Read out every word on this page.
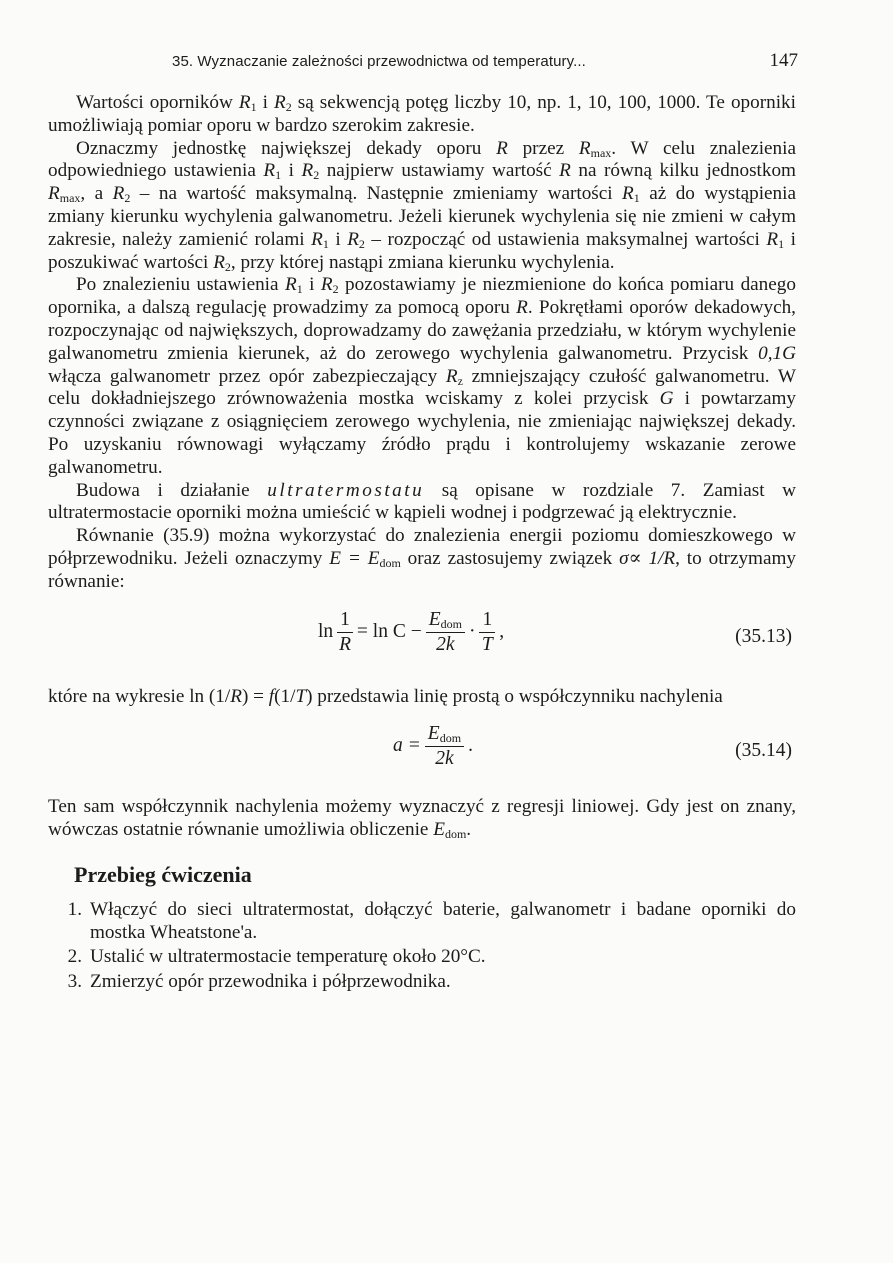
35. Wyznaczanie zależności przewodnictwa od temperatury...	147

Wartości oporników $R_1$ i $R_2$ są sekwencją potęg liczby 10, np. 1, 10, 100, 1000. Te oporniki umożliwiają pomiar oporu w bardzo szerokim zakresie.

Oznaczmy jednostkę największej dekady oporu R przez $R_{max}$. W celu znalezienia odpowiedniego ustawienia $R_1$ i $R_2$ najpierw ustawiamy wartość R na równą kilku jednostkom $R_{max}$, a $R_2$ – na wartość maksymalną. Następnie zmieniamy wartości $R_1$ aż do wystąpienia zmiany kierunku wychylenia galwanometru. Jeżeli kierunek wychylenia się nie zmieni w całym zakresie, należy zamienić rolami $R_1$ i $R_2$ – rozpocząć od ustawienia maksymalnej wartości $R_1$ i poszukiwać wartości $R_2$, przy której nastąpi zmiana kierunku wychylenia.

Po znalezieniu ustawienia $R_1$ i $R_2$ pozostawiamy je niezmienione do końca pomiaru danego opornika, a dalszą regulację prowadzimy za pomocą oporu R. Pokrętłami oporów dekadowych, rozpoczynając od największych, doprowadzamy do zawężania przedziału, w którym wychylenie galwanometru zmienia kierunek, aż do zerowego wychylenia galwanometru. Przycisk 0,1G włącza galwanometr przez opór zabezpieczający $R_z$ zmniejszający czułość galwanometru. W celu dokładniejszego zrównoważenia mostka wciskamy z kolei przycisk G i powtarzamy czynności związane z osiągnięciem zerowego wychylenia, nie zmieniając największej dekady. Po uzyskaniu równowagi wyłączamy źródło prądu i kontrolujemy wskazanie zerowe galwanometru.

Budowa i działanie ultratermostatu są opisane w rozdziale 7. Zamiast w ultratermostacie oporniki można umieścić w kąpieli wodnej i podgrzewać ją elektrycznie.

Równanie (35.9) można wykorzystać do znalezienia energii poziomu domieszkowego w półprzewodniku. Jeżeli oznaczymy $E = E_{dom}$ oraz zastosujemy związek σ∝ 1/R, to otrzymamy równanie:

$\ln \frac{1}{R} = \ln C - \frac{E_{dom}}{2k} \cdot \frac{1}{T}$ ,	(35.13)

które na wykresie ln (1/R) = f(1/T) przedstawia linię prostą o współczynniku nachylenia

$a = \frac{E_{dom}}{2k}$ .	(35.14)

Ten sam współczynnik nachylenia możemy wyznaczyć z regresji liniowej. Gdy jest on znany, wówczas ostatnie równanie umożliwia obliczenie $E_{dom}$.

Przebieg ćwiczenia
1. Włączyć do sieci ultratermostat, dołączyć baterie, galwanometr i badane oporniki do mostka Wheatstone'a.
2. Ustalić w ultratermostacie temperaturę około 20°C.
3. Zmierzyć opór przewodnika i półprzewodnika.
